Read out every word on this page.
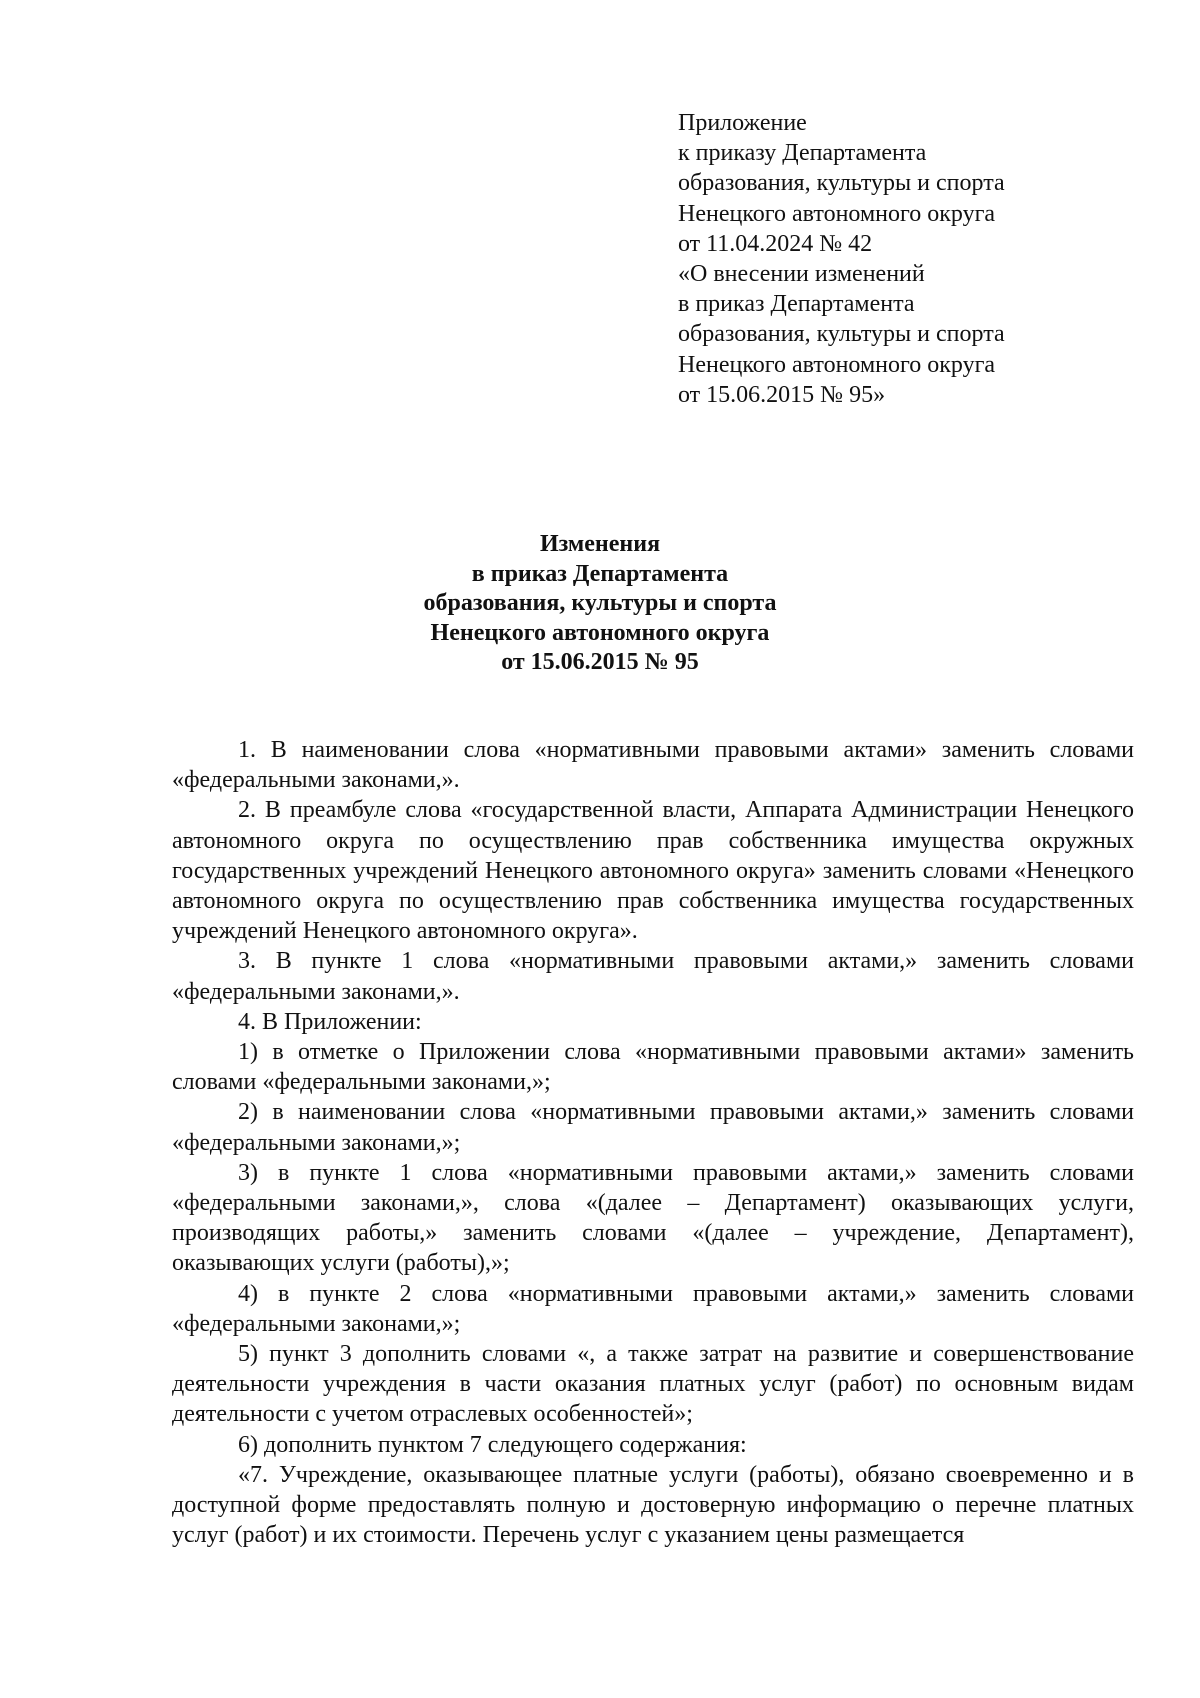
Приложение
к приказу Департамента
образования, культуры и спорта
Ненецкого автономного округа
от 11.04.2024 № 42
«О внесении изменений
в приказ Департамента
образования, культуры и спорта
Ненецкого автономного округа
от 15.06.2015 № 95»
Изменения
в приказ Департамента
образования, культуры и спорта
Ненецкого автономного округа
от 15.06.2015 № 95

1. В наименовании слова «нормативными правовыми актами» заменить словами «федеральными законами,».

2. В преамбуле слова «государственной власти, Аппарата Администрации Ненецкого автономного округа по осуществлению прав собственника имущества окружных государственных учреждений Ненецкого автономного округа» заменить словами «Ненецкого автономного округа по осуществлению прав собственника имущества государственных учреждений Ненецкого автономного округа».

3. В пункте 1 слова «нормативными правовыми актами,» заменить словами «федеральными законами,».

4. В Приложении:

1) в отметке о Приложении слова «нормативными правовыми актами» заменить словами «федеральными законами,»;

2) в наименовании слова «нормативными правовыми актами,» заменить словами «федеральными законами,»;

3) в пункте 1 слова «нормативными правовыми актами,» заменить словами «федеральными законами,», слова «(далее – Департамент) оказывающих услуги, производящих работы,» заменить словами «(далее – учреждение, Департамент), оказывающих услуги (работы),»;

4) в пункте 2 слова «нормативными правовыми актами,» заменить словами «федеральными законами,»;

5) пункт 3 дополнить словами «, а также затрат на развитие и совершенствование деятельности учреждения в части оказания платных услуг (работ) по основным видам деятельности с учетом отраслевых особенностей»;

6) дополнить пунктом 7 следующего содержания:

«7. Учреждение, оказывающее платные услуги (работы), обязано своевременно и в доступной форме предоставлять полную и достоверную информацию о перечне платных услуг (работ) и их стоимости. Перечень услуг с указанием цены размещается
